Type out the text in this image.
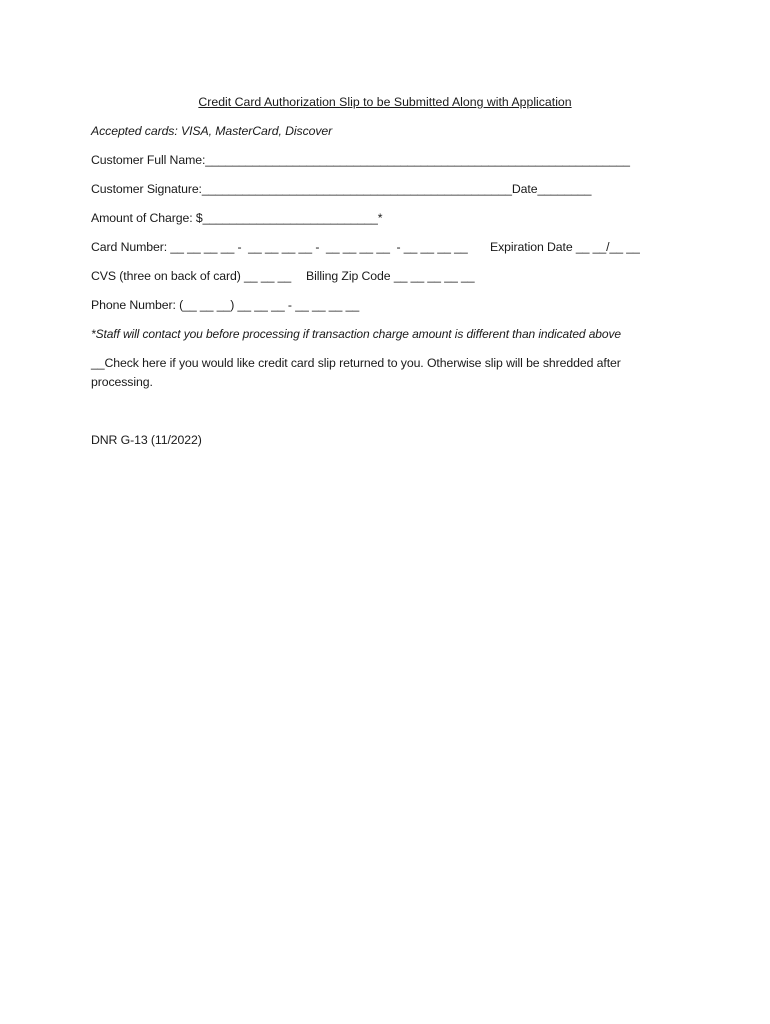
Credit Card Authorization Slip to be Submitted Along with Application
Accepted cards: VISA, MasterCard, Discover
Customer Full Name:_______________________________________________________________
Customer Signature:______________________________________________Date________
Amount of Charge: $__________________________*
Card Number: __ __ __ __ -  __ __ __ __ -  __ __ __ __  - __ __ __ __ Expiration Date __ __/__ __
CVS (three on back of card) __ __ __ Billing Zip Code __ __ __ __ __
Phone Number: (__ __ __) __ __ __ - __ __ __ __
*Staff will contact you before processing if transaction charge amount is different than indicated above
__Check here if you would like credit card slip returned to you. Otherwise slip will be shredded after processing.
DNR G-13 (11/2022)
